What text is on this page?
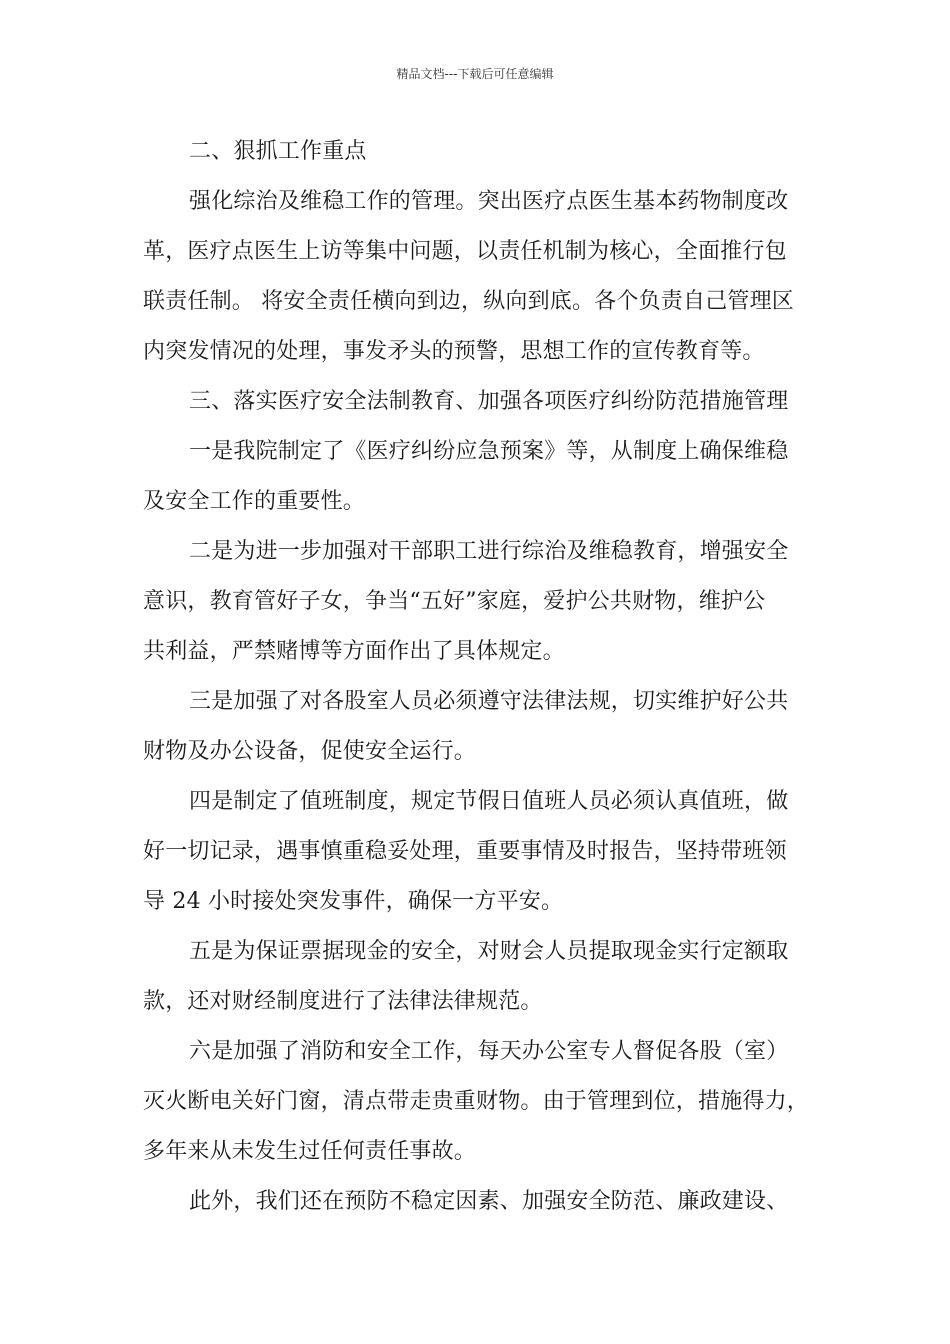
精品文档---下载后可任意编辑
二、狠抓工作重点
强化综治及维稳工作的管理。突出医疗点医生基本药物制度改
革，医疗点医生上访等集中问题，以责任机制为核心，全面推行包
联责任制。 将安全责任横向到边，纵向到底。各个负责自己管理区
内突发情况的处理，事发矛头的预警，思想工作的宣传教育等。
三、落实医疗安全法制教育、加强各项医疗纠纷防范措施管理
一是我院制定了《医疗纠纷应急预案》等，从制度上确保维稳
及安全工作的重要性。
二是为进一步加强对干部职工进行综治及维稳教育，增强安全
意识，教育管好子女，争当“五好”家庭，爱护公共财物，维护公
共利益，严禁赌博等方面作出了具体规定。
三是加强了对各股室人员必须遵守法律法规，切实维护好公共
财物及办公设备，促使安全运行。
四是制定了值班制度，规定节假日值班人员必须认真值班，做
好一切记录，遇事慎重稳妥处理，重要事情及时报告，坚持带班领
导 24 小时接处突发事件，确保一方平安。
五是为保证票据现金的安全，对财会人员提取现金实行定额取
款，还对财经制度进行了法律法律规范。
六是加强了消防和安全工作，每天办公室专人督促各股（室）
灭火断电关好门窗，清点带走贵重财物。由于管理到位，措施得力，
多年来从未发生过任何责任事故。
此外，我们还在预防不稳定因素、加强安全防范、廉政建设、
